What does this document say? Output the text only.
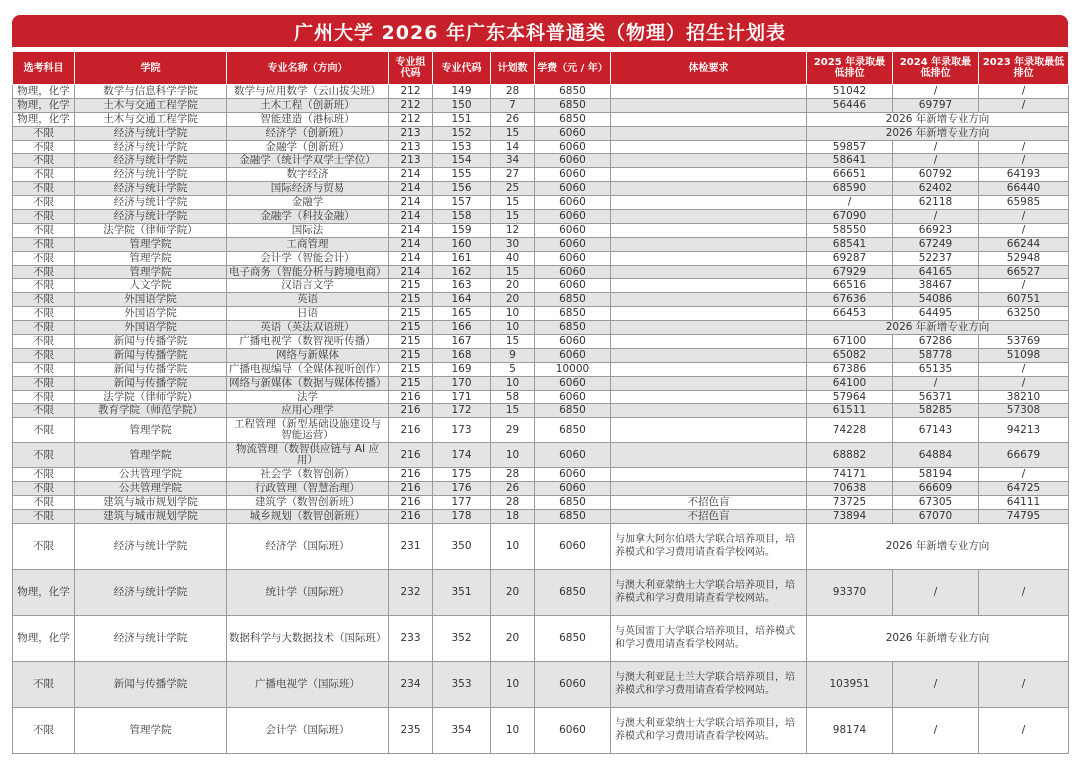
广州大学 2026 年广东本科普通类（物理）招生计划表
选考科目	学院	专业名称（方向）	专业组代码	专业代码	计划数	学费（元 / 年）	体检要求	2025 年录取最低排位	2024 年录取最低排位	2023 年录取最低排位
物理，化学	数学与信息科学学院	数学与应用数学（云山拔尖班）	212	149	28	6850		51042	/	/
物理，化学	土木与交通工程学院	土木工程（创新班）	212	150	7	6850		56446	69797	/
物理，化学	土木与交通工程学院	智能建造（港标班）	212	151	26	6850		2026 年新增专业方向		
不限	经济与统计学院	经济学（创新班）	213	152	15	6060		2026 年新增专业方向		
不限	经济与统计学院	金融学（创新班）	213	153	14	6060		59857	/	/
不限	经济与统计学院	金融学（统计学双学士学位）	213	154	34	6060		58641	/	/
不限	经济与统计学院	数字经济	214	155	27	6060		66651	60792	64193
不限	经济与统计学院	国际经济与贸易	214	156	25	6060		68590	62402	66440
不限	经济与统计学院	金融学	214	157	15	6060		/	62118	65985
不限	经济与统计学院	金融学（科技金融）	214	158	15	6060		67090	/	/
不限	法学院（律师学院）	国际法	214	159	12	6060		58550	66923	/
不限	管理学院	工商管理	214	160	30	6060		68541	67249	66244
不限	管理学院	会计学（智能会计）	214	161	40	6060		69287	52237	52948
不限	管理学院	电子商务（智能分析与跨境电商）	214	162	15	6060		67929	64165	66527
不限	人文学院	汉语言文学	215	163	20	6060		66516	38467	/
不限	外国语学院	英语	215	164	20	6850		67636	54086	60751
不限	外国语学院	日语	215	165	10	6850		66453	64495	63250
不限	外国语学院	英语（英法双语班）	215	166	10	6850		2026 年新增专业方向		
不限	新闻与传播学院	广播电视学（数智视听传播）	215	167	15	6060		67100	67286	53769
不限	新闻与传播学院	网络与新媒体	215	168	9	6060		65082	58778	51098
不限	新闻与传播学院	广播电视编导（全媒体视听创作）	215	169	5	10000		67386	65135	/
不限	新闻与传播学院	网络与新媒体（数据与媒体传播）	215	170	10	6060		64100	/	/
不限	法学院（律师学院）	法学	216	171	58	6060		57964	56371	38210
不限	教育学院（师范学院）	应用心理学	216	172	15	6850		61511	58285	57308
不限	管理学院	工程管理（新型基础设施建设与智能运营）	216	173	29	6850		74228	67143	94213
不限	管理学院	物流管理（数智供应链与 AI 应用）	216	174	10	6060		68882	64884	66679
不限	公共管理学院	社会学（数智创新）	216	175	28	6060		74171	58194	/
不限	公共管理学院	行政管理（智慧治理）	216	176	26	6060		70638	66609	64725
不限	建筑与城市规划学院	建筑学（数智创新班）	216	177	28	6850	不招色盲	73725	67305	64111
不限	建筑与城市规划学院	城乡规划（数智创新班）	216	178	18	6850	不招色盲	73894	67070	74795
不限	经济与统计学院	经济学（国际班）	231	350	10	6060	与加拿大阿尔伯塔大学联合培养项目，培养模式和学习费用请查看学校网站。	2026 年新增专业方向		
物理，化学	经济与统计学院	统计学（国际班）	232	351	20	6850	与澳大利亚蒙纳士大学联合培养项目，培养模式和学习费用请查看学校网站。	93370	/	/
物理，化学	经济与统计学院	数据科学与大数据技术（国际班）	233	352	20	6850	与英国雷丁大学联合培养项目，培养模式和学习费用请查看学校网站。	2026 年新增专业方向		
不限	新闻与传播学院	广播电视学（国际班）	234	353	10	6060	与澳大利亚昆士兰大学联合培养项目，培养模式和学习费用请查看学校网站。	103951	/	/
不限	管理学院	会计学（国际班）	235	354	10	6060	与澳大利亚蒙纳士大学联合培养项目，培养模式和学习费用请查看学校网站。	98174	/	/
